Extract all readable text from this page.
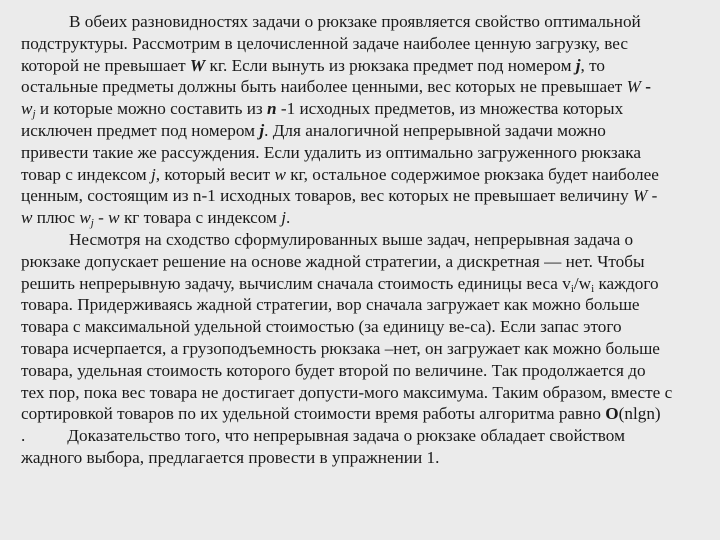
В обеих разновидностях задачи о рюкзаке проявляется свойство оптимальной
подструктуры. Рассмотрим в целочисленной задаче наиболее ценную загрузку, вес
которой не превышает W кг. Если вынуть из рюкзака предмет под номером j, то
остальные предметы должны быть наиболее ценными, вес которых не превышает W -
$w_j$ и которые можно составить из n -1 исходных предметов, из множества которых
исключен предмет под номером j. Для аналогичной непрерывной задачи можно
привести такие же рассуждения. Если удалить из оптимально загруженного рюкзака
товар с индексом j, который весит w кг, остальное содержимое рюкзака будет наиболее
ценным, состоящим из n-1 исходных товаров, вес которых не превышает величину W -
w плюс $w_j$ - w кг товара с индексом j.
Несмотря на сходство сформулированных выше задач, непрерывная задача о
рюкзаке допускает решение на основе жадной стратегии, а дискретная — нет. Чтобы
решить непрерывную задачу, вычислим сначала стоимость единицы веса $v_i/w_i$ каждого
товара. Придерживаясь жадной стратегии, вор сначала загружает как можно больше
товара с максимальной удельной стоимостью (за единицу ве-са). Если запас этого
товара исчерпается, а грузоподъемность рюкзака –нет, он загружает как можно больше
товара, удельная стоимость которого будет второй по величине. Так продолжается до
тех пор, пока вес товара не достигает допусти-мого максимума. Таким образом, вместе с
сортировкой товаров по их удельной стоимости время работы алгоритма равно O(nlgn)
. Доказательство того, что непрерывная задача о рюкзаке обладает свойством
жадного выбора, предлагается провести в упражнении 1.
